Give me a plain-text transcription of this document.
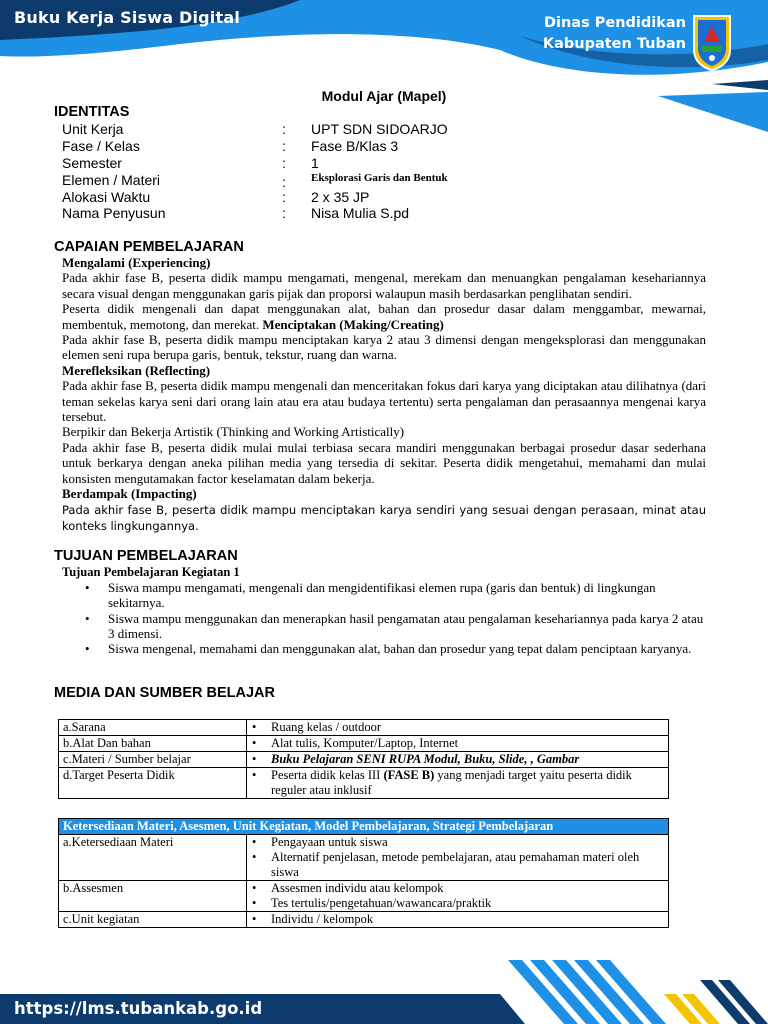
Buku Kerja Siswa Digital	Dinas Pendidikan
Kabupaten Tuban
Modul Ajar (Mapel)
IDENTITAS
Unit Kerja	: UPT SDN SIDOARJO
Fase / Kelas	: Fase B/Klas 3
Semester	: 1
Elemen / Materi	: Eksplorasi Garis dan Bentuk
Alokasi Waktu	: 2 x 35 JP
Nama Penyusun	: Nisa Mulia S.pd
CAPAIAN PEMBELAJARAN

Mengalami (Experiencing)

Pada akhir fase B, peserta didik mampu mengamati, mengenal, merekam dan menuangkan pengalaman kesehariannya secara visual dengan menggunakan garis pijak dan proporsi walaupun masih berdasarkan penglihatan sendiri.

Peserta didik mengenali dan dapat menggunakan alat, bahan dan prosedur dasar dalam menggambar, mewarnai, membentuk, memotong, dan merekat. Menciptakan (Making/Creating)

Pada akhir fase B, peserta didik mampu menciptakan karya 2 atau 3 dimensi dengan mengeksplorasi dan menggunakan elemen seni rupa berupa garis, bentuk, tekstur, ruang dan warna.

Merefleksikan (Reflecting)

Pada akhir fase B, peserta didik mampu mengenali dan menceritakan fokus dari karya yang diciptakan atau dilihatnya (dari teman sekelas karya seni dari orang lain atau era atau budaya tertentu) serta pengalaman dan perasaannya mengenai karya tersebut.

Berpikir dan Bekerja Artistik (Thinking and Working Artistically)

Pada akhir fase B, peserta didik mulai mulai terbiasa secara mandiri menggunakan berbagai prosedur dasar sederhana untuk berkarya dengan aneka pilihan media yang tersedia di sekitar. Peserta didik mengetahui, memahami dan mulai konsisten mengutamakan factor keselamatan dalam bekerja.

Berdampak (Impacting)

Pada akhir fase B, peserta didik mampu menciptakan karya sendiri yang sesuai dengan perasaan, minat atau konteks lingkungannya.

TUJUAN PEMBELAJARAN
Tujuan Pembelajaran Kegiatan 1
• Siswa mampu mengamati, mengenali dan mengidentifikasi elemen rupa (garis dan bentuk) di lingkungan sekitarnya.
• Siswa mampu menggunakan dan menerapkan hasil pengamatan atau pengalaman kesehariannya pada karya 2 atau 3 dimensi.
• Siswa mengenal, memahami dan menggunakan alat, bahan dan prosedur yang tepat dalam penciptaan karyanya.
MEDIA DAN SUMBER BELAJAR
a.Sarana	• Ruang kelas / outdoor

b.Alat Dan bahan	• Alat tulis, Komputer/Laptop, Internet

c.Materi / Sumber belajar	• Buku Pelajaran SENI RUPA Modul, Buku, Slide, , Gambar

d.Target Peserta Didik	• Peserta didik kelas III (FASE B) yang menjadi target yaitu peserta didik reguler atau inklusif
Ketersediaan Materi, Asesmen, Unit Kegiatan, Model Pembelajaran, Strategi Pembelajaran	
a.Ketersediaan Materi	• Pengayaan untuk siswa
• Alternatif penjelasan, metode pembelajaran, atau pemahaman materi oleh siswa

b.Assesmen	• Assesmen individu atau kelompok
• Tes tertulis/pengetahuan/wawancara/praktik

c.Unit kegiatan	• Individu / kelompok
https://lms.tubankab.go.id
